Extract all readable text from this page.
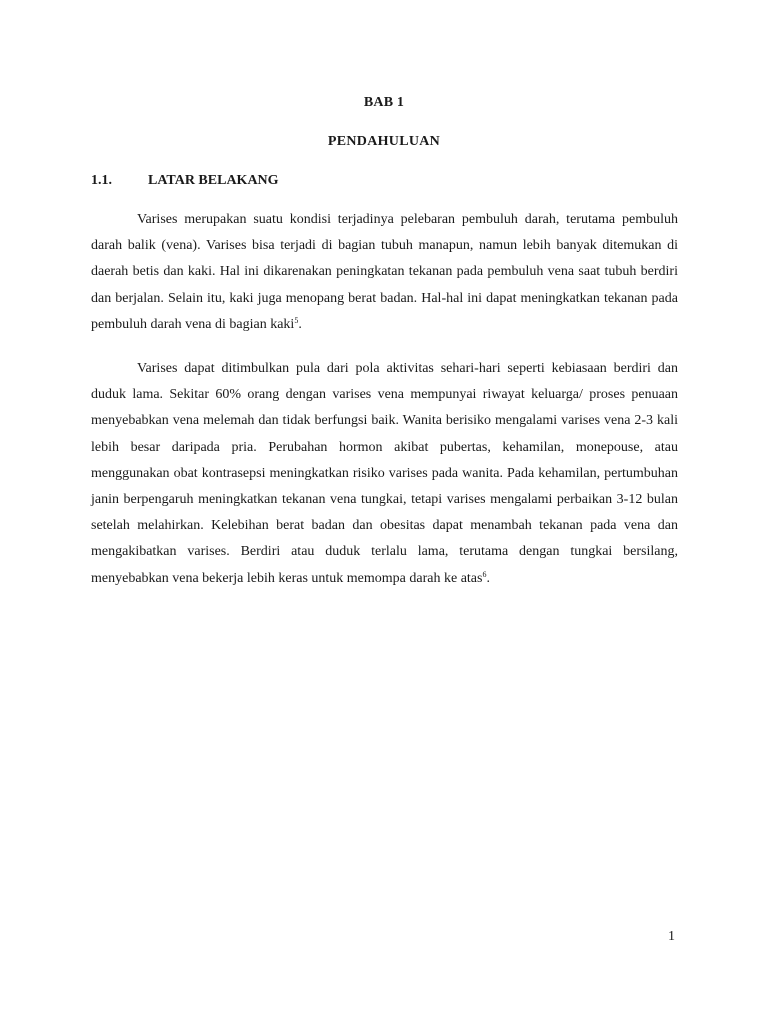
BAB 1
PENDAHULUAN
1.1.	LATAR BELAKANG

Varises merupakan suatu kondisi terjadinya pelebaran pembuluh darah, terutama pembuluh darah balik (vena). Varises bisa terjadi di bagian tubuh manapun, namun lebih banyak ditemukan di daerah betis dan kaki. Hal ini dikarenakan peningkatan tekanan pada pembuluh vena saat tubuh berdiri dan berjalan. Selain itu, kaki juga menopang berat badan. Hal-hal ini dapat meningkatkan tekanan pada pembuluh darah vena di bagian kaki$^5$.

Varises dapat ditimbulkan pula dari pola aktivitas sehari-hari seperti kebiasaan berdiri dan duduk lama. Sekitar 60% orang dengan varises vena mempunyai riwayat keluarga/ proses penuaan menyebabkan vena melemah dan tidak berfungsi baik. Wanita berisiko mengalami varises vena 2-3 kali lebih besar daripada pria. Perubahan hormon akibat pubertas, kehamilan, monepouse, atau menggunakan obat kontrasepsi meningkatkan risiko varises pada wanita. Pada kehamilan, pertumbuhan janin berpengaruh meningkatkan tekanan vena tungkai, tetapi varises mengalami perbaikan 3-12 bulan setelah melahirkan. Kelebihan berat badan dan obesitas dapat menambah tekanan pada vena dan mengakibatkan varises. Berdiri atau duduk terlalu lama, terutama dengan tungkai bersilang, menyebabkan vena bekerja lebih keras untuk memompa darah ke atas$^6$.

1
